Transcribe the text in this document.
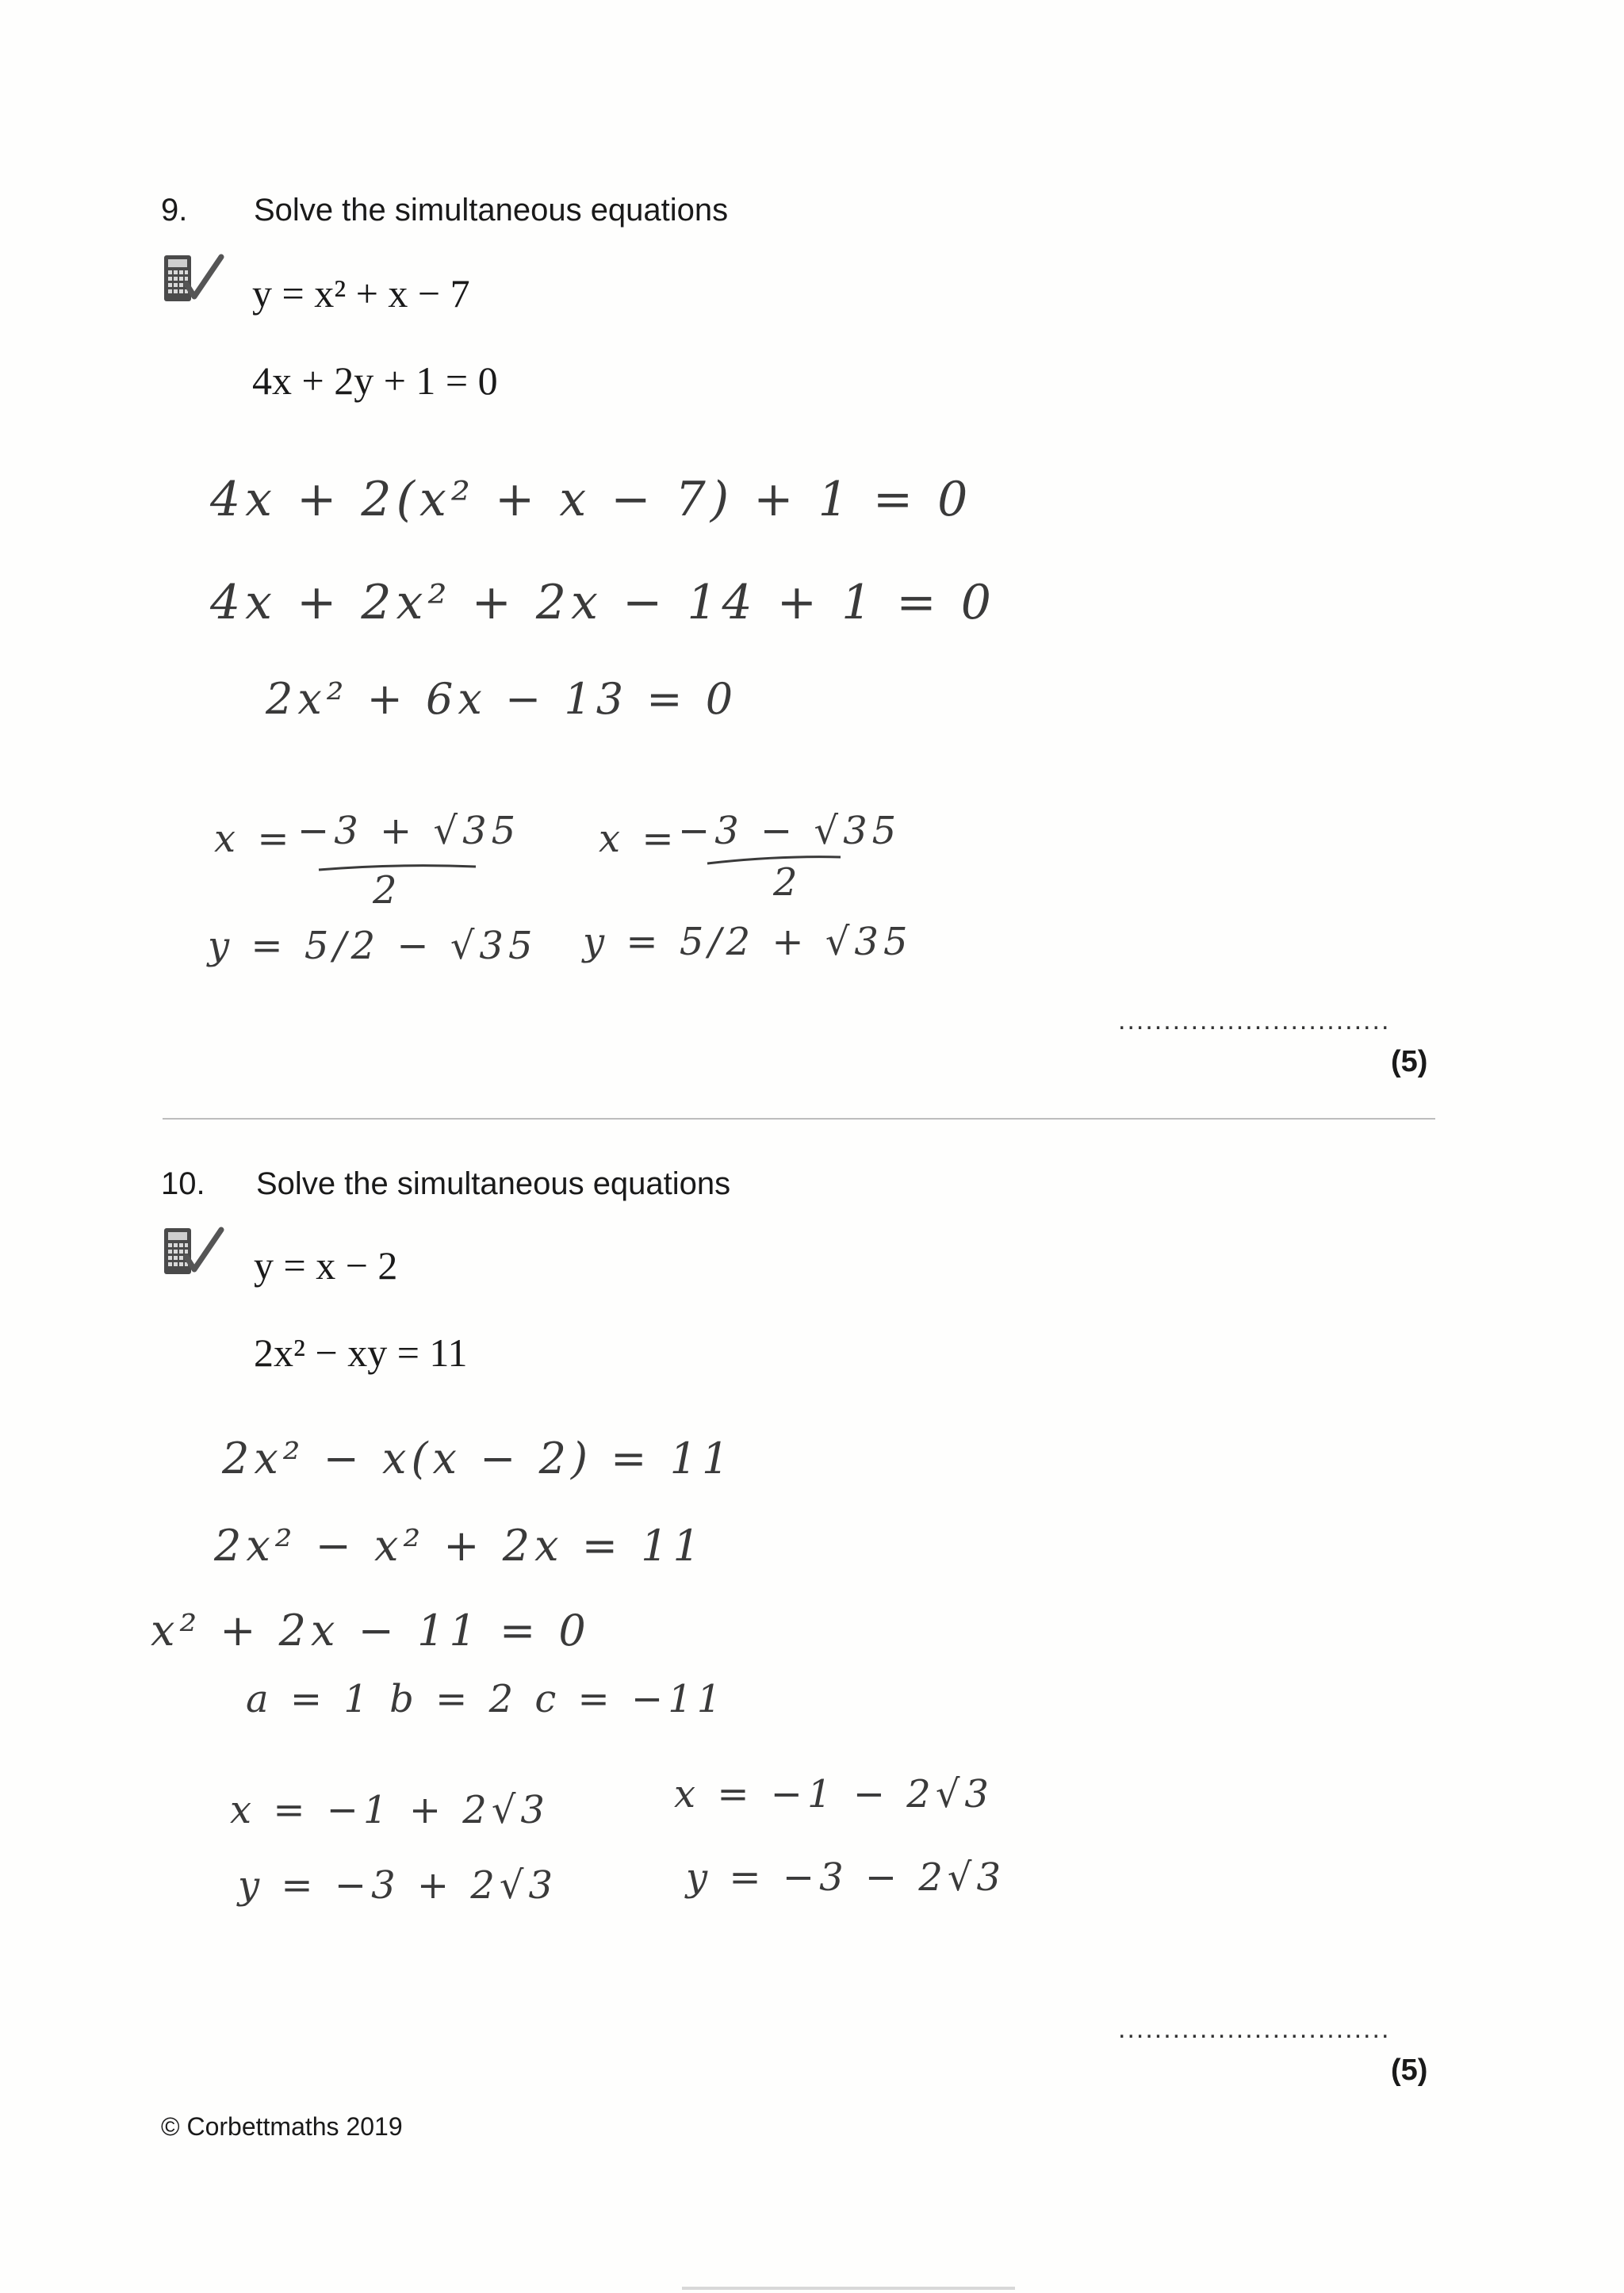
9. Solve the simultaneous equations
y = x² + x − 7
4x + 2y + 1 = 0
4x + 2(x² + x − 7) + 1 = 0
4x + 2x² + 2x − 14 + 1 = 0
2x² + 6x − 13 = 0
x = −3 + √35
2
x = −3 − √35
2
y = 5/2 − √35 y = 5/2 + √35
..............................
(5)
10. Solve the simultaneous equations
y = x − 2
2x² − xy = 11
2x² − x(x − 2) = 11
2x² − x² + 2x = 11
x² + 2x − 11 = 0
a = 1 b = 2 c = −11
x = −1 + 2√3	x = −1 − 2√3
y = −3 + 2√3	y = −3 − 2√3
..............................
(5)
© Corbettmaths 2019
